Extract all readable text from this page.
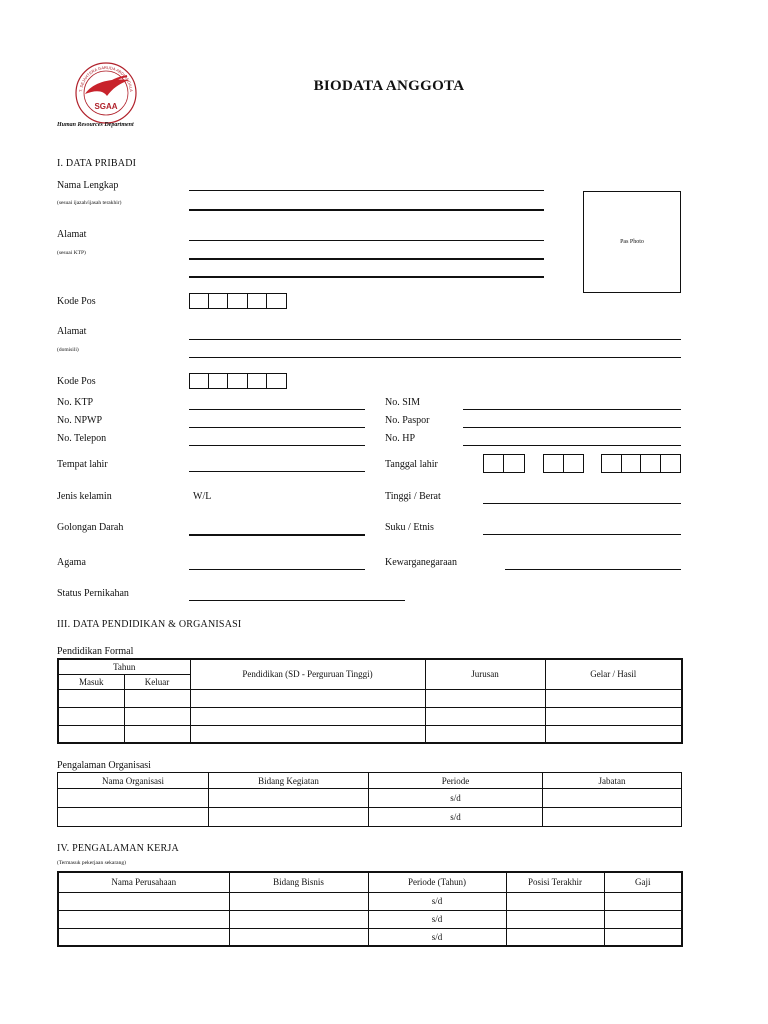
SGAA
T. SEJAHTERA GARUDA ABDI ANDALA	BIODATA ANGGOTA
Human Resources Department
I. DATA PRIBADI
Nama Lengkap
(sesuai ijazah/ijasah terakhir)
Pas Photo
Alamat
(sesuai KTP)
Kode Pos
Alamat
(domisili)
Kode Pos
No. KTP	No. SIM
No. NPWP	No. Paspor
No. Telepon	No. HP
Tempat lahir	Tanggal lahir
Jenis kelamin	W/L	Tinggi / Berat
Golongan Darah	Suku / Etnis
Agama	Kewarganegaraan
Status Pernikahan
III. DATA PENDIDIKAN & ORGANISASI
Pendidikan Formal
Tahun		Pendidikan (SD - Perguruan Tinggi)	Jurusan	Gelar / Hasil
Masuk	Keluar			

Pengalaman Organisasi
Nama Organisasi	Bidang Kegiatan	Periode	Jabatan
		s/d	
		s/d	
IV. PENGALAMAN KERJA
(Termasuk pekerjaan sekarang)
Nama Perusahaan	Bidang Bisnis	Periode (Tahun)	Posisi Terakhir	Gaji
		s/d		
		s/d		
		s/d		
